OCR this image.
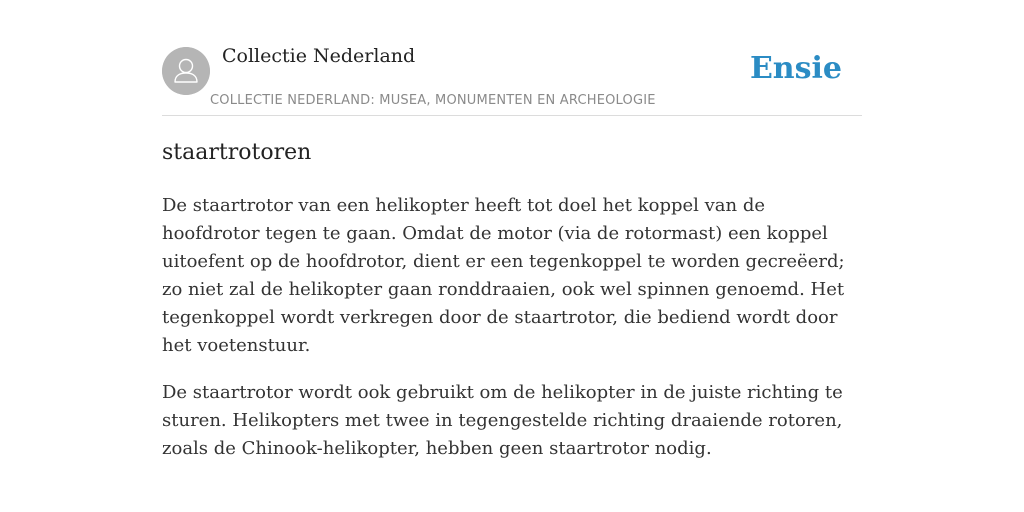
Collectie Nederland
COLLECTIE NEDERLAND: MUSEA, MONUMENTEN EN ARCHEOLOGIE
Ensie
staartrotoren

De staartrotor van een helikopter heeft tot doel het koppel van de hoofdrotor tegen te gaan. Omdat de motor (via de rotormast) een koppel uitoefent op de hoofdrotor, dient er een tegenkoppel te worden gecreëerd; zo niet zal de helikopter gaan ronddraaien, ook wel spinnen genoemd. Het tegenkoppel wordt verkregen door de staartrotor, die bediend wordt door het voetenstuur.

De staartrotor wordt ook gebruikt om de helikopter in de juiste richting te sturen. Helikopters met twee in tegengestelde richting draaiende rotoren, zoals de Chinook-helikopter, hebben geen staartrotor nodig.
